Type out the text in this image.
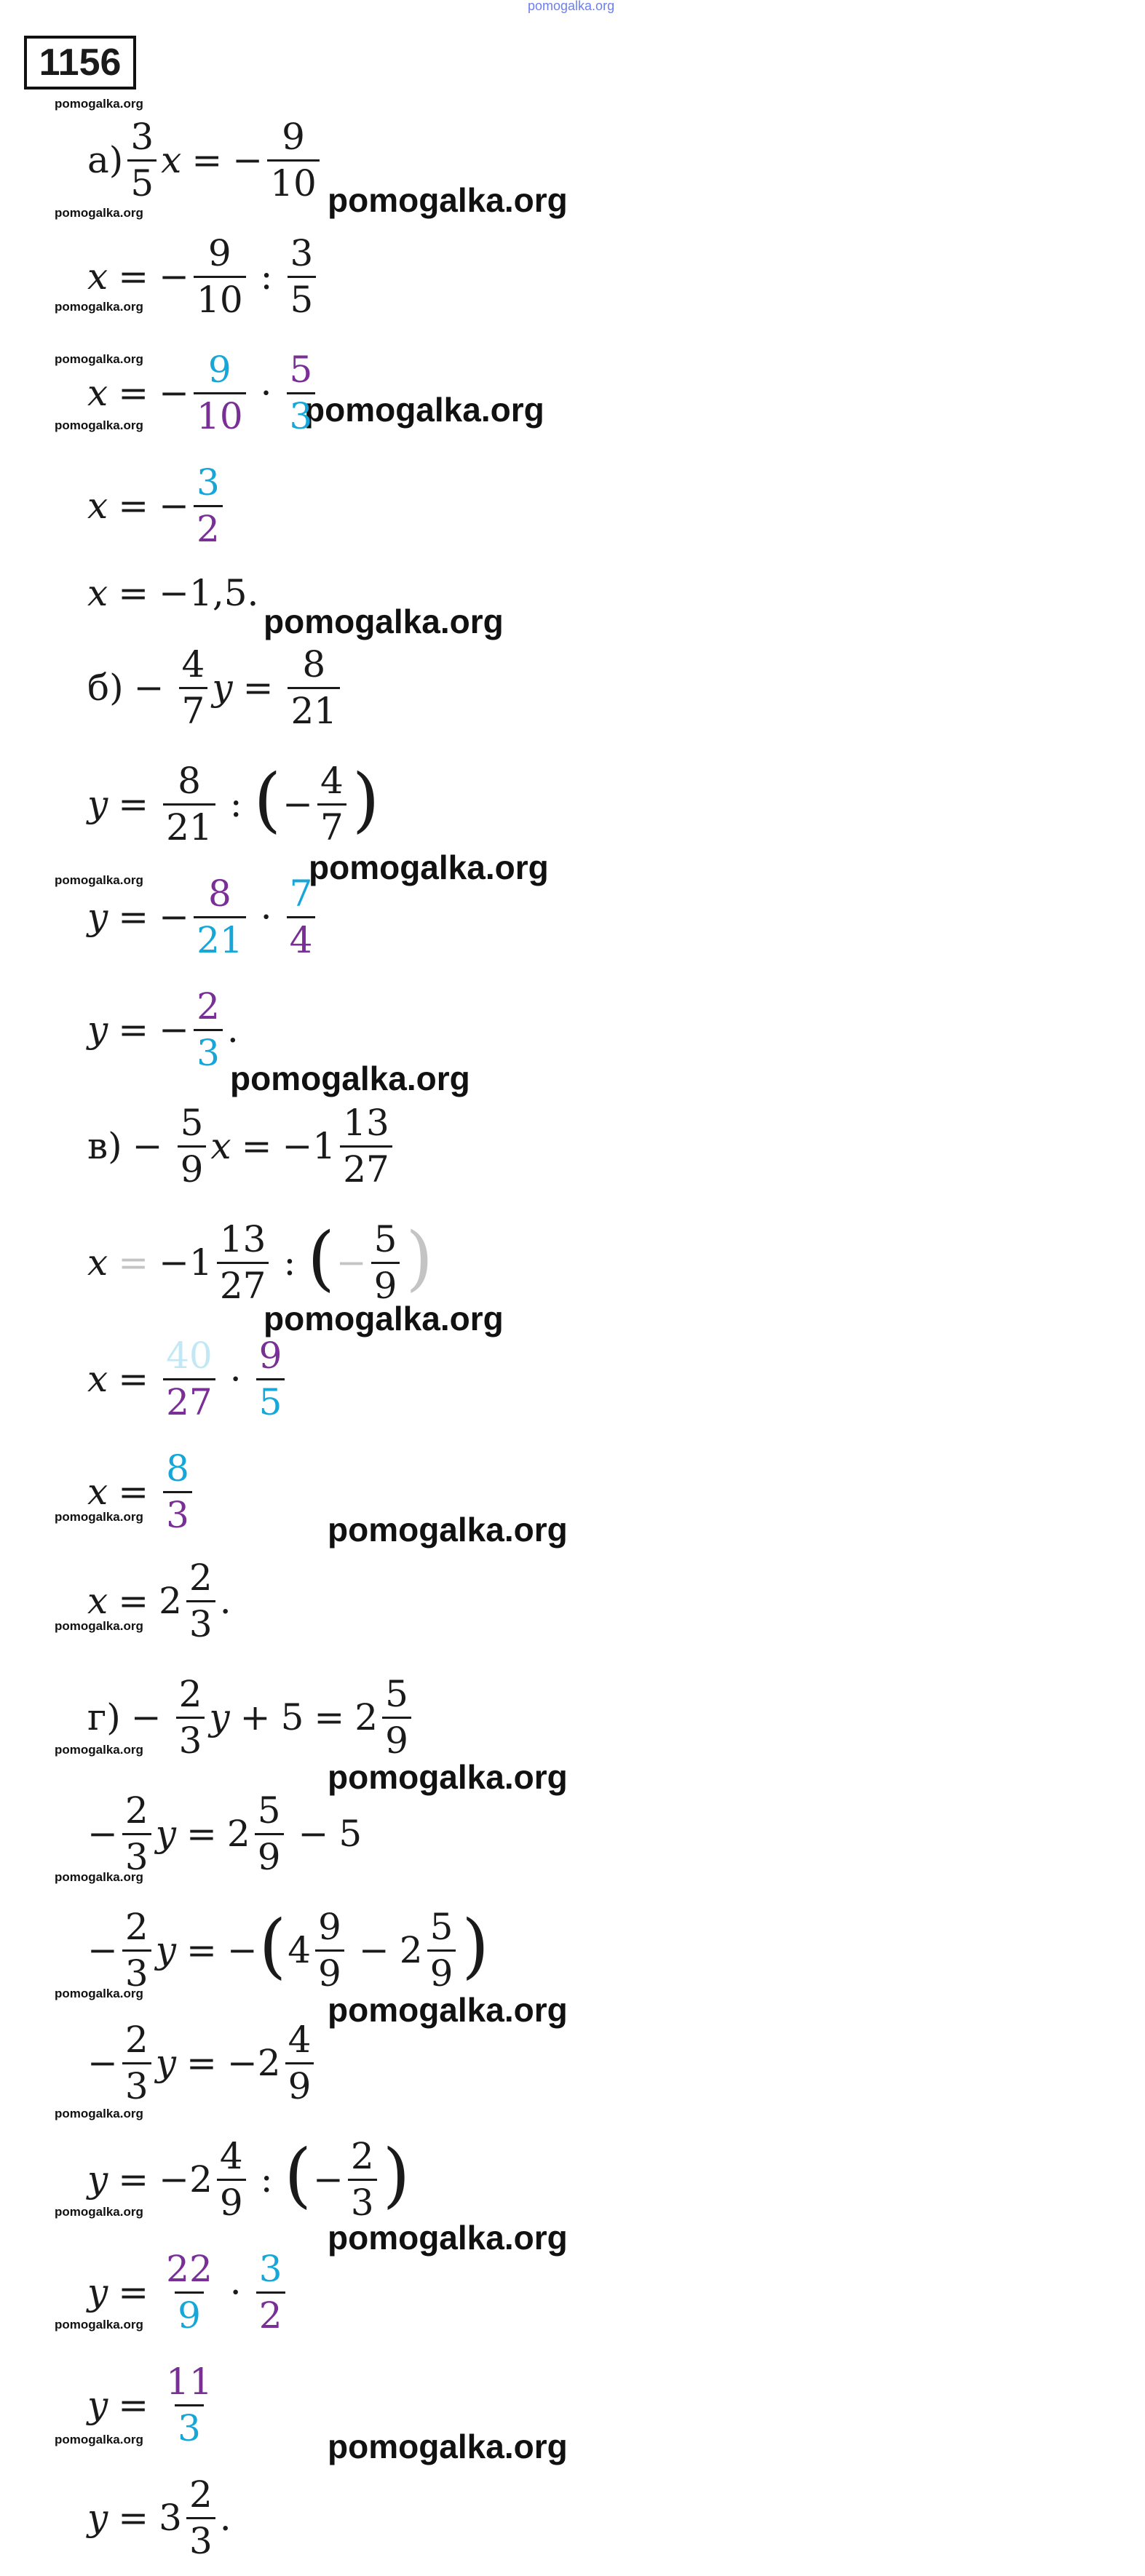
pomogalka.org
pomogalka.org
pomogalka.org
pomogalka.org
pomogalka.org
pomogalka.org
pomogalka.org
pomogalka.org
pomogalka.org
pomogalka.org
pomogalka.org
pomogalka.org
pomogalka.org
pomogalka.org
pomogalka.org
pomogalka.org
pomogalka.org
pomogalka.org
pomogalka.org
pomogalka.org
pomogalka.org
pomogalka.org
pomogalka.org
pomogalka.org
pomogalka.org
pomogalka.org
pomogalka.org
1156
$а) \frac{3}{5}$ x = − $\frac{9}{10}$
x = − $\frac{9}{10}$ : $\frac{3}{5}$
x = − $\frac{9}{10} \cdot \frac{5}{3}$
x = − $\frac{3}{2}$
x = −1,5.
$б) - \frac{4}{7}$ $y = \frac{8}{21}$
$y = \frac{8}{21}$ : ( − $\frac{4}{7}$ )
y = − $\frac{8}{21} \cdot \frac{7}{4}$
y = − $\frac{2}{3}$ .
$в) - \frac{5}{9}$ x = − $1 \frac{13}{27}$
x = − $1 \frac{13}{27}$ : ( − $\frac{5}{9}$ )
$x = \frac{40}{27} \cdot \frac{9}{5}$
$x = \frac{8}{3}$
$x = 2 \frac{2}{3}$ .
$г) - \frac{2}{3}$ $y + 5 = 2 \frac{5}{9}$
− $\frac{2}{3}$ $y = 2 \frac{5}{9} - 5$
− $\frac{2}{3}$ y = − ( $4 \frac{9}{9} - 2 \frac{5}{9}$ )
− $\frac{2}{3}$ y = − $2 \frac{4}{9}$
y = − $2 \frac{4}{9}$ : ( − $\frac{2}{3}$ )
$y = \frac{22}{9} \cdot \frac{3}{2}$
$y = \frac{11}{3}$
$y = 3 \frac{2}{3}$ .
